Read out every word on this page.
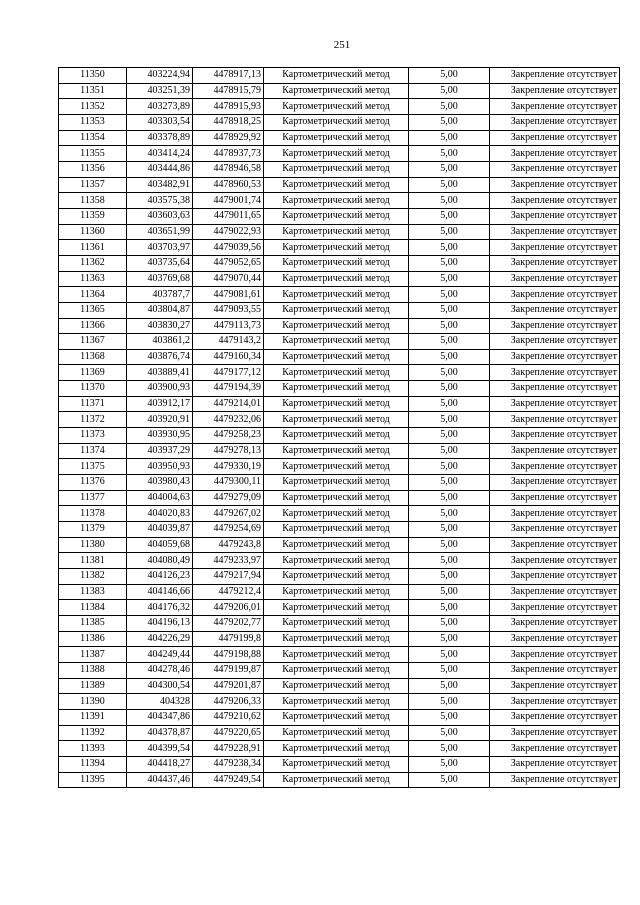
251
11350	403224,94	4478917,13	Картометрический метод	5,00	Закрепление отсутствует
11351	403251,39	4478915,79	Картометрический метод	5,00	Закрепление отсутствует
11352	403273,89	4478915,93	Картометрический метод	5,00	Закрепление отсутствует
11353	403303,54	4478918,25	Картометрический метод	5,00	Закрепление отсутствует
11354	403378,89	4478929,92	Картометрический метод	5,00	Закрепление отсутствует
11355	403414,24	4478937,73	Картометрический метод	5,00	Закрепление отсутствует
11356	403444,86	4478946,58	Картометрический метод	5,00	Закрепление отсутствует
11357	403482,91	4478960,53	Картометрический метод	5,00	Закрепление отсутствует
11358	403575,38	4479001,74	Картометрический метод	5,00	Закрепление отсутствует
11359	403603,63	4479011,65	Картометрический метод	5,00	Закрепление отсутствует
11360	403651,99	4479022,93	Картометрический метод	5,00	Закрепление отсутствует
11361	403703,97	4479039,56	Картометрический метод	5,00	Закрепление отсутствует
11362	403735,64	4479052,65	Картометрический метод	5,00	Закрепление отсутствует
11363	403769,68	4479070,44	Картометрический метод	5,00	Закрепление отсутствует
11364	403787,7	4479081,61	Картометрический метод	5,00	Закрепление отсутствует
11365	403804,87	4479093,55	Картометрический метод	5,00	Закрепление отсутствует
11366	403830,27	4479113,73	Картометрический метод	5,00	Закрепление отсутствует
11367	403861,2	4479143,2	Картометрический метод	5,00	Закрепление отсутствует
11368	403876,74	4479160,34	Картометрический метод	5,00	Закрепление отсутствует
11369	403889,41	4479177,12	Картометрический метод	5,00	Закрепление отсутствует
11370	403900,93	4479194,39	Картометрический метод	5,00	Закрепление отсутствует
11371	403912,17	4479214,01	Картометрический метод	5,00	Закрепление отсутствует
11372	403920,91	4479232,06	Картометрический метод	5,00	Закрепление отсутствует
11373	403930,95	4479258,23	Картометрический метод	5,00	Закрепление отсутствует
11374	403937,29	4479278,13	Картометрический метод	5,00	Закрепление отсутствует
11375	403950,93	4479330,19	Картометрический метод	5,00	Закрепление отсутствует
11376	403980,43	4479300,11	Картометрический метод	5,00	Закрепление отсутствует
11377	404004,63	4479279,09	Картометрический метод	5,00	Закрепление отсутствует
11378	404020,83	4479267,02	Картометрический метод	5,00	Закрепление отсутствует
11379	404039,87	4479254,69	Картометрический метод	5,00	Закрепление отсутствует
11380	404059,68	4479243,8	Картометрический метод	5,00	Закрепление отсутствует
11381	404080,49	4479233,97	Картометрический метод	5,00	Закрепление отсутствует
11382	404126,23	4479217,94	Картометрический метод	5,00	Закрепление отсутствует
11383	404146,66	4479212,4	Картометрический метод	5,00	Закрепление отсутствует
11384	404176,32	4479206,01	Картометрический метод	5,00	Закрепление отсутствует
11385	404196,13	4479202,77	Картометрический метод	5,00	Закрепление отсутствует
11386	404226,29	4479199,8	Картометрический метод	5,00	Закрепление отсутствует
11387	404249,44	4479198,88	Картометрический метод	5,00	Закрепление отсутствует
11388	404278,46	4479199,87	Картометрический метод	5,00	Закрепление отсутствует
11389	404300,54	4479201,87	Картометрический метод	5,00	Закрепление отсутствует
11390	404328	4479206,33	Картометрический метод	5,00	Закрепление отсутствует
11391	404347,86	4479210,62	Картометрический метод	5,00	Закрепление отсутствует
11392	404378,87	4479220,65	Картометрический метод	5,00	Закрепление отсутствует
11393	404399,54	4479228,91	Картометрический метод	5,00	Закрепление отсутствует
11394	404418,27	4479238,34	Картометрический метод	5,00	Закрепление отсутствует
11395	404437,46	4479249,54	Картометрический метод	5,00	Закрепление отсутствует
